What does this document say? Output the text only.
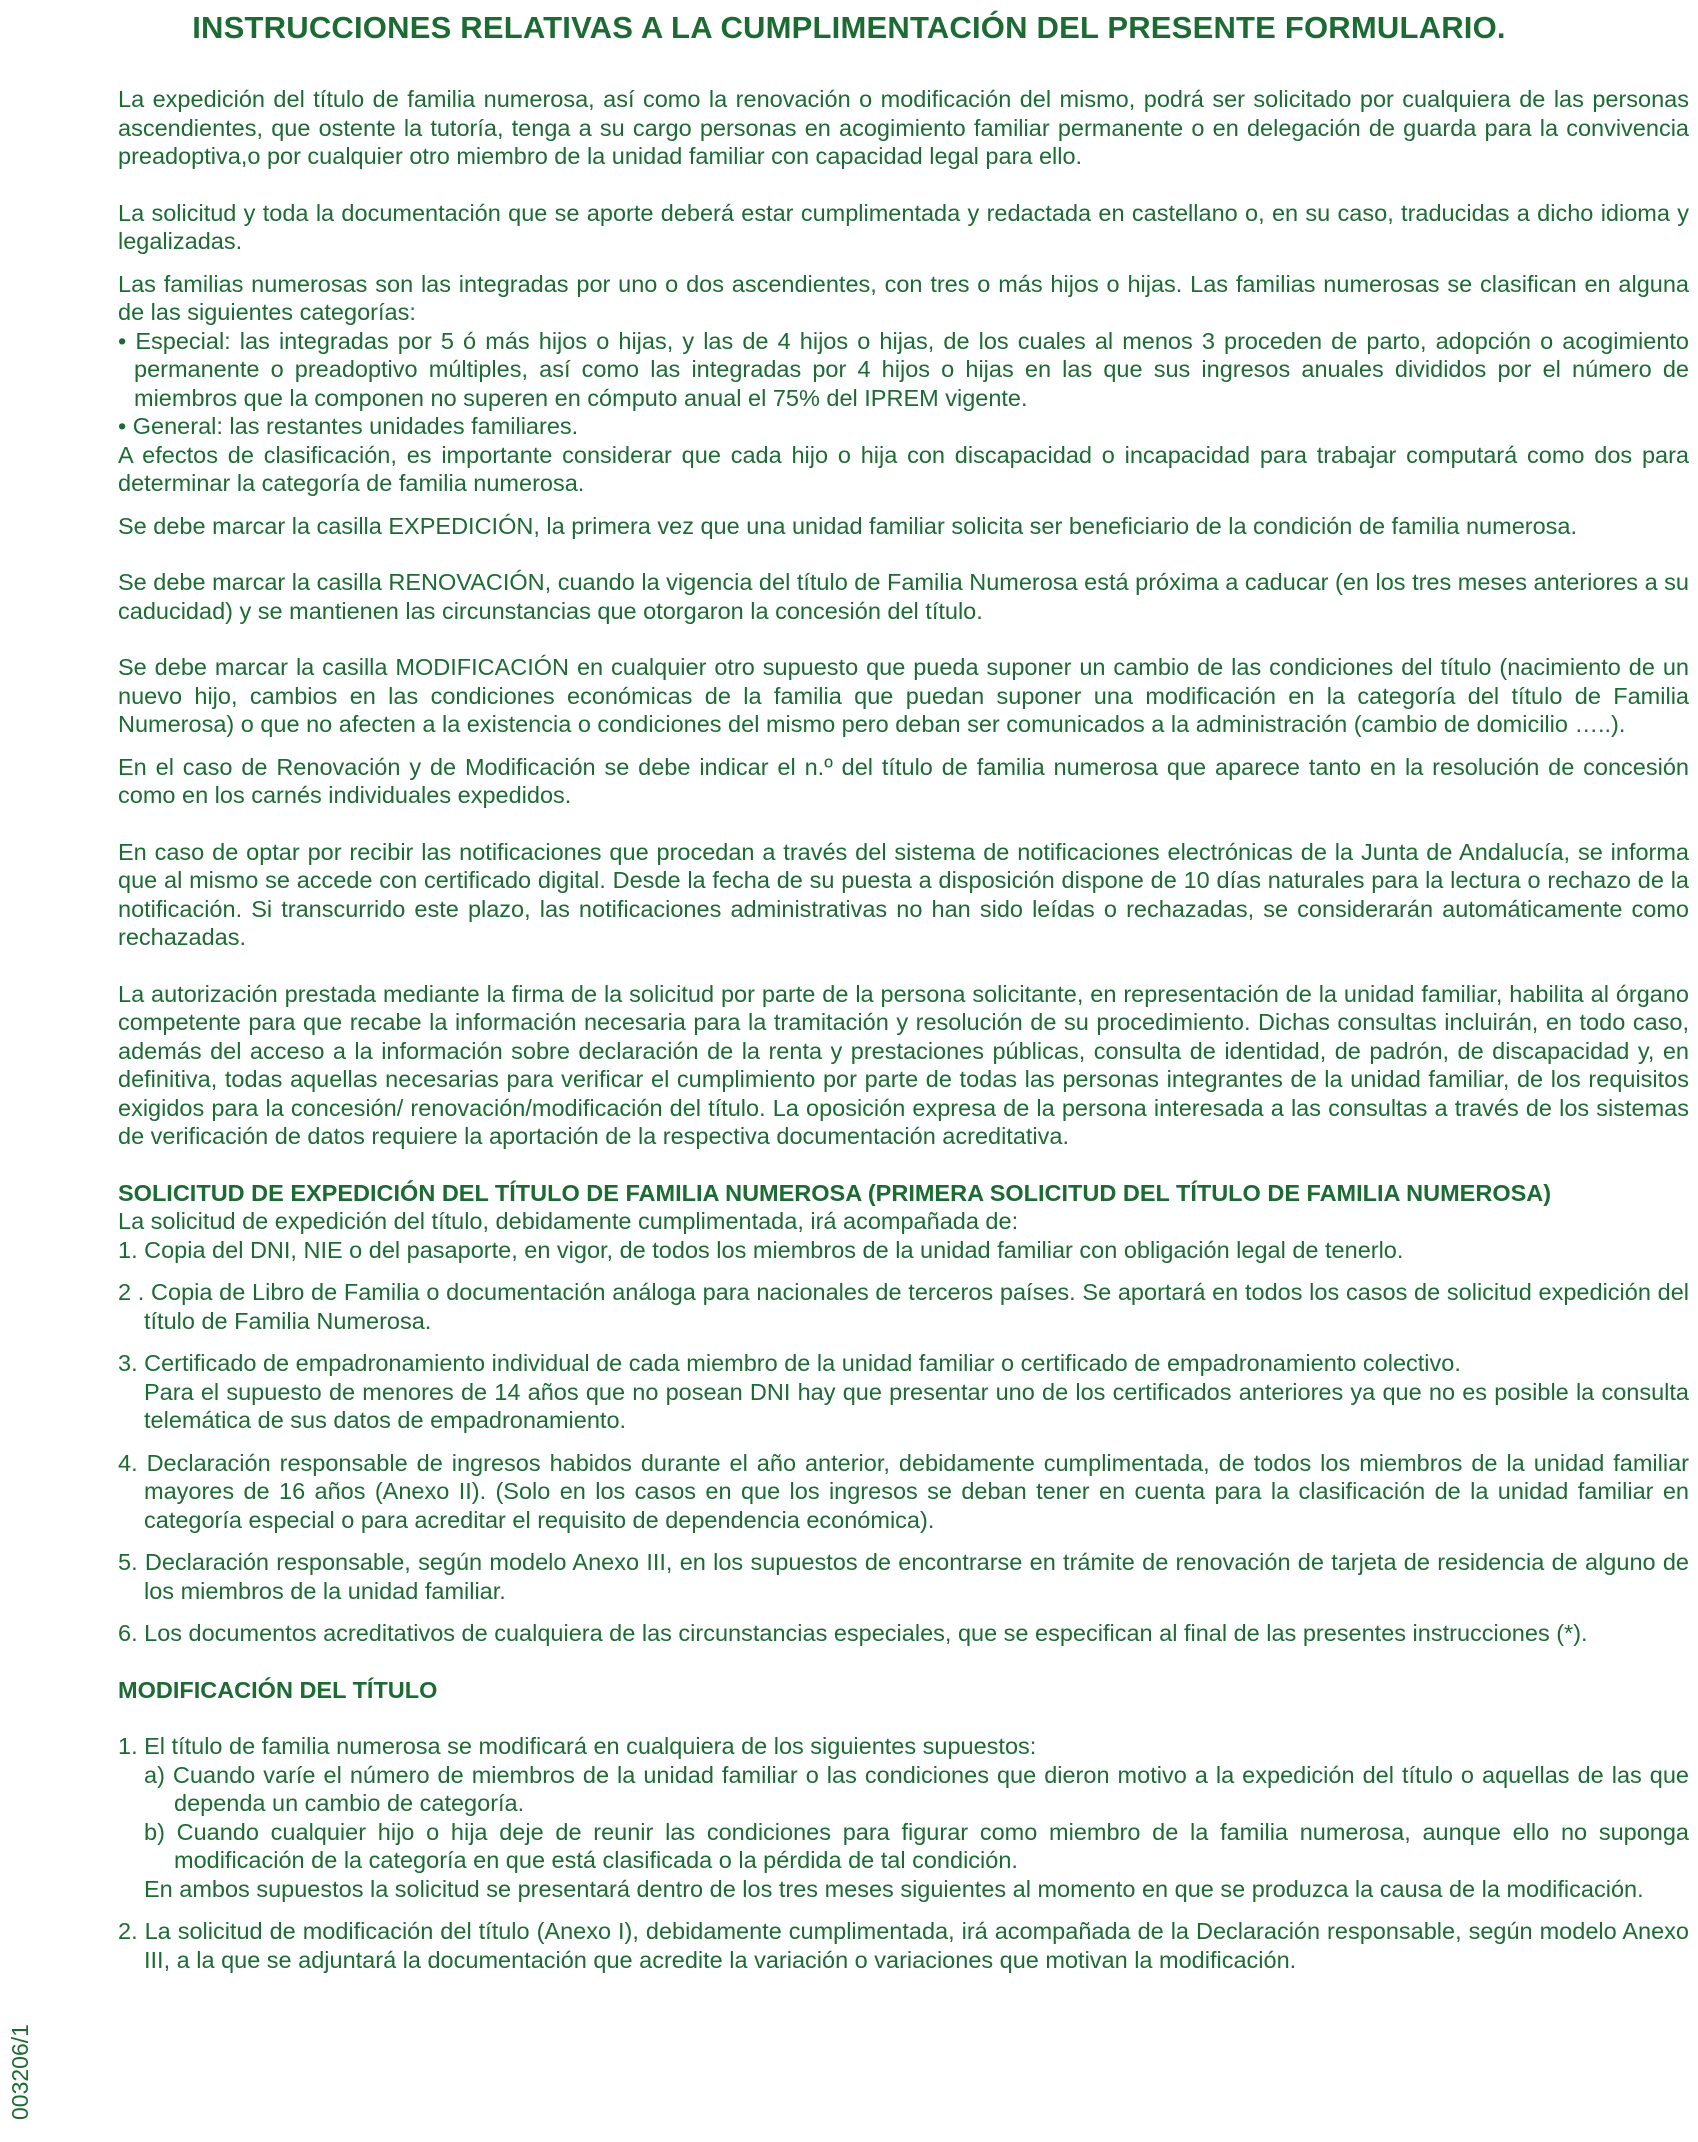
INSTRUCCIONES RELATIVAS A LA CUMPLIMENTACIÓN DEL PRESENTE FORMULARIO.

La expedición del título de familia numerosa, así como la renovación o modificación del mismo, podrá ser solicitado por cualquiera de las personas ascendientes, que ostente la tutoría, tenga a su cargo personas en acogimiento familiar permanente o en delegación de guarda para la convivencia preadoptiva,o por cualquier otro miembro de la unidad familiar con capacidad legal para ello.

La solicitud y toda la documentación que se aporte deberá estar cumplimentada y redactada en castellano o, en su caso, traducidas a dicho idioma y legalizadas.

Las familias numerosas son las integradas por uno o dos ascendientes, con tres o más hijos o hijas. Las familias numerosas se clasifican en alguna de las siguientes categorías:

• Especial: las integradas por 5 ó más hijos o hijas, y las de 4 hijos o hijas, de los cuales al menos 3 proceden de parto, adopción o acogimiento permanente o preadoptivo múltiples, así como las integradas por 4 hijos o hijas en las que sus ingresos anuales divididos por el número de miembros que la componen no superen en cómputo anual el 75% del IPREM vigente.

• General: las restantes unidades familiares.

A efectos de clasificación, es importante considerar que cada hijo o hija con discapacidad o incapacidad para trabajar computará como dos para determinar la categoría de familia numerosa.

Se debe marcar la casilla EXPEDICIÓN, la primera vez que una unidad familiar solicita ser beneficiario de la condición de familia numerosa.

Se debe marcar la casilla RENOVACIÓN, cuando la vigencia del título de Familia Numerosa está próxima a caducar (en los tres meses anteriores a su caducidad) y se mantienen las circunstancias que otorgaron la concesión del título.

Se debe marcar la casilla MODIFICACIÓN en cualquier otro supuesto que pueda suponer un cambio de las condiciones del título (nacimiento de un nuevo hijo, cambios en las condiciones económicas de la familia que puedan suponer una modificación en la categoría del título de Familia Numerosa) o que no afecten a la existencia o condiciones del mismo pero deban ser comunicados a la administración (cambio de domicilio …..).

En el caso de Renovación y de Modificación se debe indicar el n.º del título de familia numerosa que aparece tanto en la resolución de concesión como en los carnés individuales expedidos.

En caso de optar por recibir las notificaciones que procedan a través del sistema de notificaciones electrónicas de la Junta de Andalucía, se informa que al mismo se accede con certificado digital. Desde la fecha de su puesta a disposición dispone de 10 días naturales para la lectura o rechazo de la notificación. Si transcurrido este plazo, las notificaciones administrativas no han sido leídas o rechazadas, se considerarán automáticamente como rechazadas.

La autorización prestada mediante la firma de la solicitud por parte de la persona solicitante, en representación de la unidad familiar, habilita al órgano competente para que recabe la información necesaria para la tramitación y resolución de su procedimiento. Dichas consultas incluirán, en todo caso, además del acceso a la información sobre declaración de la renta y prestaciones públicas, consulta de identidad, de padrón, de discapacidad y, en definitiva, todas aquellas necesarias para verificar el cumplimiento por parte de todas las personas integrantes de la unidad familiar, de los requisitos exigidos para la concesión/ renovación/modificación del título. La oposición expresa de la persona interesada a las consultas a través de los sistemas de verificación de datos requiere la aportación de la respectiva documentación acreditativa.

SOLICITUD DE EXPEDICIÓN DEL TÍTULO DE FAMILIA NUMEROSA (PRIMERA SOLICITUD DEL TÍTULO DE FAMILIA NUMEROSA)

La solicitud de expedición del título, debidamente cumplimentada, irá acompañada de:

1. Copia del DNI, NIE o del pasaporte, en vigor, de todos los miembros de la unidad familiar con obligación legal de tenerlo.

2 . Copia de Libro de Familia o documentación análoga para nacionales de terceros países. Se aportará en todos los casos de solicitud expedición del título de Familia Numerosa.

3. Certificado de empadronamiento individual de cada miembro de la unidad familiar o certificado de empadronamiento colectivo.

Para el supuesto de menores de 14 años que no posean DNI hay que presentar uno de los certificados anteriores ya que no es posible la consulta telemática de sus datos de empadronamiento.

4. Declaración responsable de ingresos habidos durante el año anterior, debidamente cumplimentada, de todos los miembros de la unidad familiar mayores de 16 años (Anexo II). (Solo en los casos en que los ingresos se deban tener en cuenta para la clasificación de la unidad familiar en categoría especial o para acreditar el requisito de dependencia económica).

5. Declaración responsable, según modelo Anexo III, en los supuestos de encontrarse en trámite de renovación de tarjeta de residencia de alguno de los miembros de la unidad familiar.

6. Los documentos acreditativos de cualquiera de las circunstancias especiales, que se especifican al final de las presentes instrucciones (*).

MODIFICACIÓN DEL TÍTULO

1. El título de familia numerosa se modificará en cualquiera de los siguientes supuestos:

a) Cuando varíe el número de miembros de la unidad familiar o las condiciones que dieron motivo a la expedición del título o aquellas de las que dependa un cambio de categoría.

b) Cuando cualquier hijo o hija deje de reunir las condiciones para figurar como miembro de la familia numerosa, aunque ello no suponga modificación de la categoría en que está clasificada o la pérdida de tal condición.

En ambos supuestos la solicitud se presentará dentro de los tres meses siguientes al momento en que se produzca la causa de la modificación.

2. La solicitud de modificación del título (Anexo I), debidamente cumplimentada, irá acompañada de la Declaración responsable, según modelo Anexo III, a la que se adjuntará la documentación que acredite la variación o variaciones que motivan la modificación.

003206/1
